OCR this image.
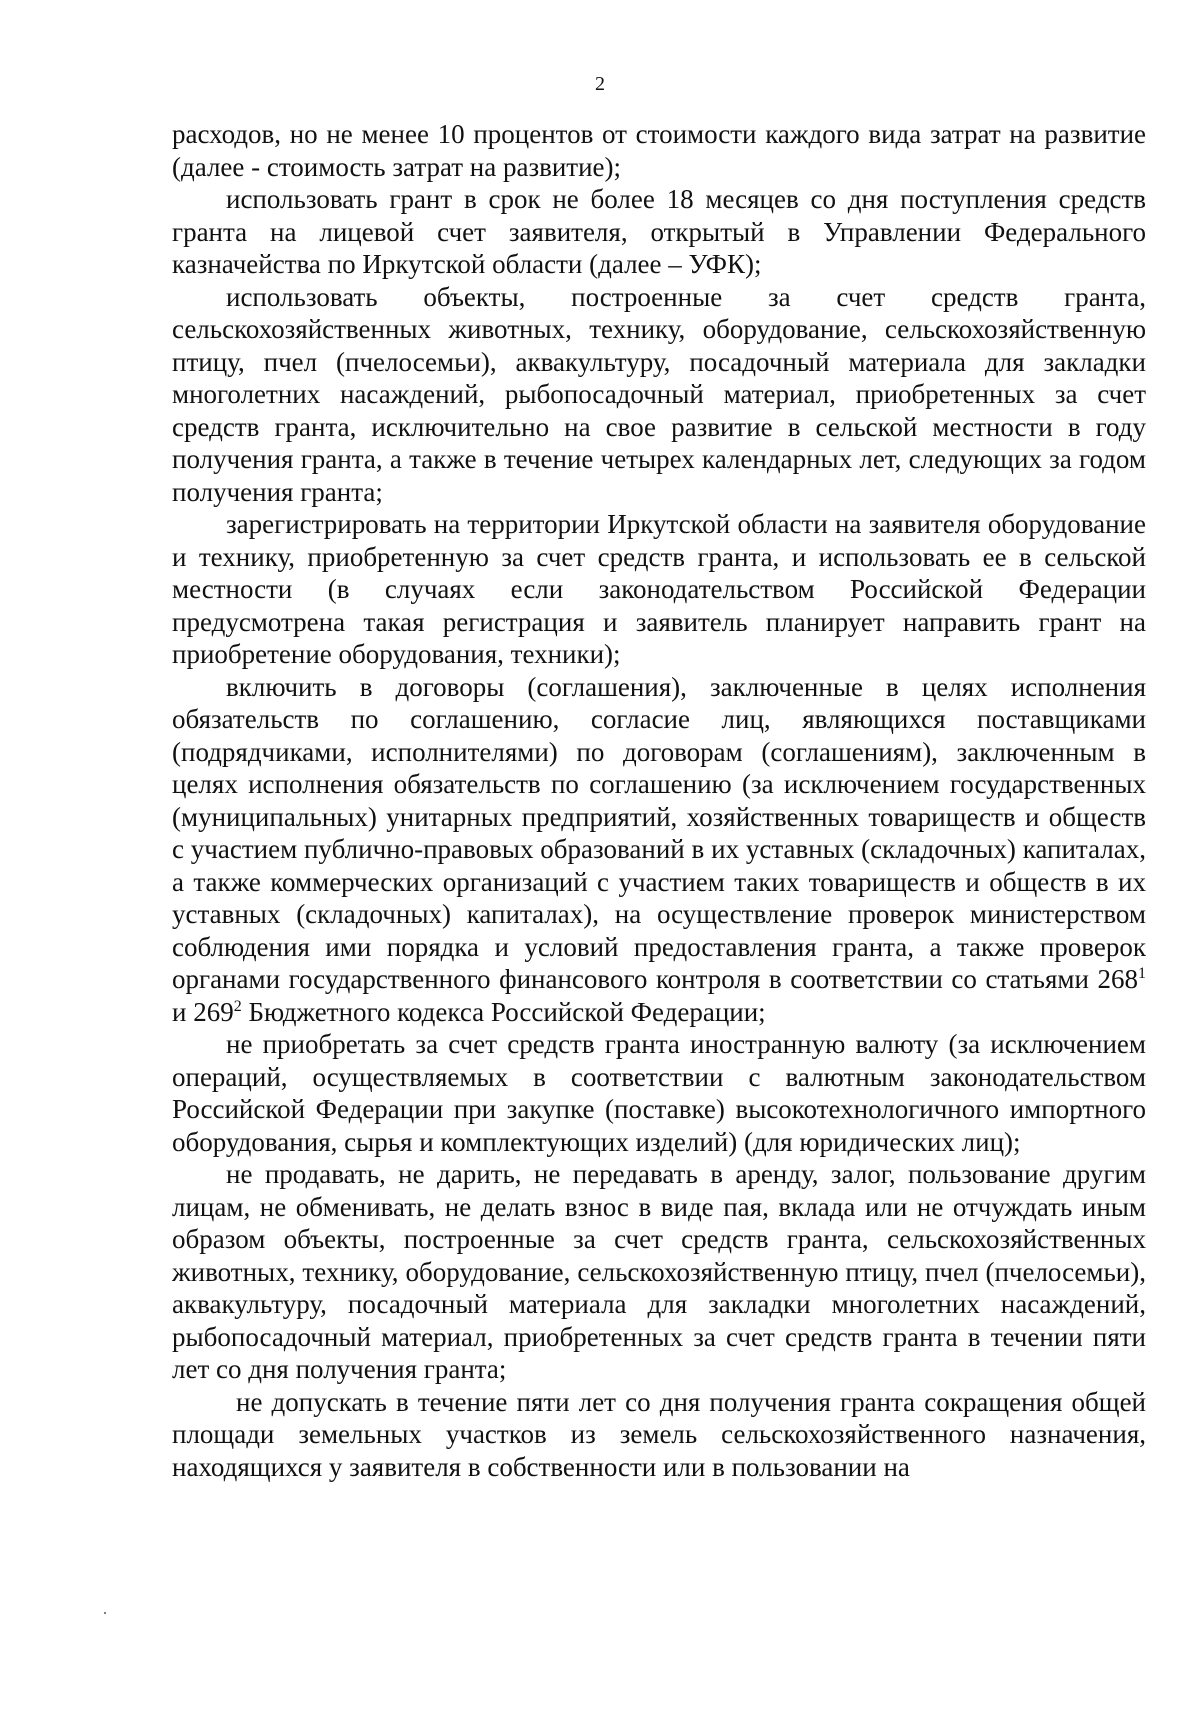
2

расходов, но не менее 10 процентов от стоимости каждого вида затрат на развитие (далее - стоимость затрат на развитие);

использовать грант в срок не более 18 месяцев со дня поступления средств гранта на лицевой счет заявителя, открытый в Управлении Федерального казначейства по Иркутской области (далее – УФК);

использовать объекты, построенные за счет средств гранта, сельскохозяйственных животных, технику, оборудование, сельскохозяйственную птицу, пчел (пчелосемьи), аквакультуру, посадочный материала для закладки многолетних насаждений, рыбопосадочный материал, приобретенных за счет средств гранта, исключительно на свое развитие в сельской местности в году получения гранта, а также в течение четырех календарных лет, следующих за годом получения гранта;

зарегистрировать на территории Иркутской области на заявителя оборудование и технику, приобретенную за счет средств гранта, и использовать ее в сельской местности (в случаях если законодательством Российской Федерации предусмотрена такая регистрация и заявитель планирует направить грант на приобретение оборудования, техники);

включить в договоры (соглашения), заключенные в целях исполнения обязательств по соглашению, согласие лиц, являющихся поставщиками (подрядчиками, исполнителями) по договорам (соглашениям), заключенным в целях исполнения обязательств по соглашению (за исключением государственных (муниципальных) унитарных предприятий, хозяйственных товариществ и обществ с участием публично-правовых образований в их уставных (складочных) капиталах, а также коммерческих организаций с участием таких товариществ и обществ в их уставных (складочных) капиталах), на осуществление проверок министерством соблюдения ими порядка и условий предоставления гранта, а также проверок органами государственного финансового контроля в соответствии со статьями $268^1$ и $269^2$ Бюджетного кодекса Российской Федерации;

не приобретать за счет средств гранта иностранную валюту (за исключением операций, осуществляемых в соответствии с валютным законодательством Российской Федерации при закупке (поставке) высокотехнологичного импортного оборудования, сырья и комплектующих изделий) (для юридических лиц);

не продавать, не дарить, не передавать в аренду, залог, пользование другим лицам, не обменивать, не делать взнос в виде пая, вклада или не отчуждать иным образом объекты, построенные за счет средств гранта, сельскохозяйственных животных, технику, оборудование, сельскохозяйственную птицу, пчел (пчелосемьи), аквакультуру, посадочный материала для закладки многолетних насаждений, рыбопосадочный материал, приобретенных за счет средств гранта в течении пяти лет со дня получения гранта;

не допускать в течение пяти лет со дня получения гранта сокращения общей площади земельных участков из земель сельскохозяйственного назначения, находящихся у заявителя в собственности или в пользовании на
